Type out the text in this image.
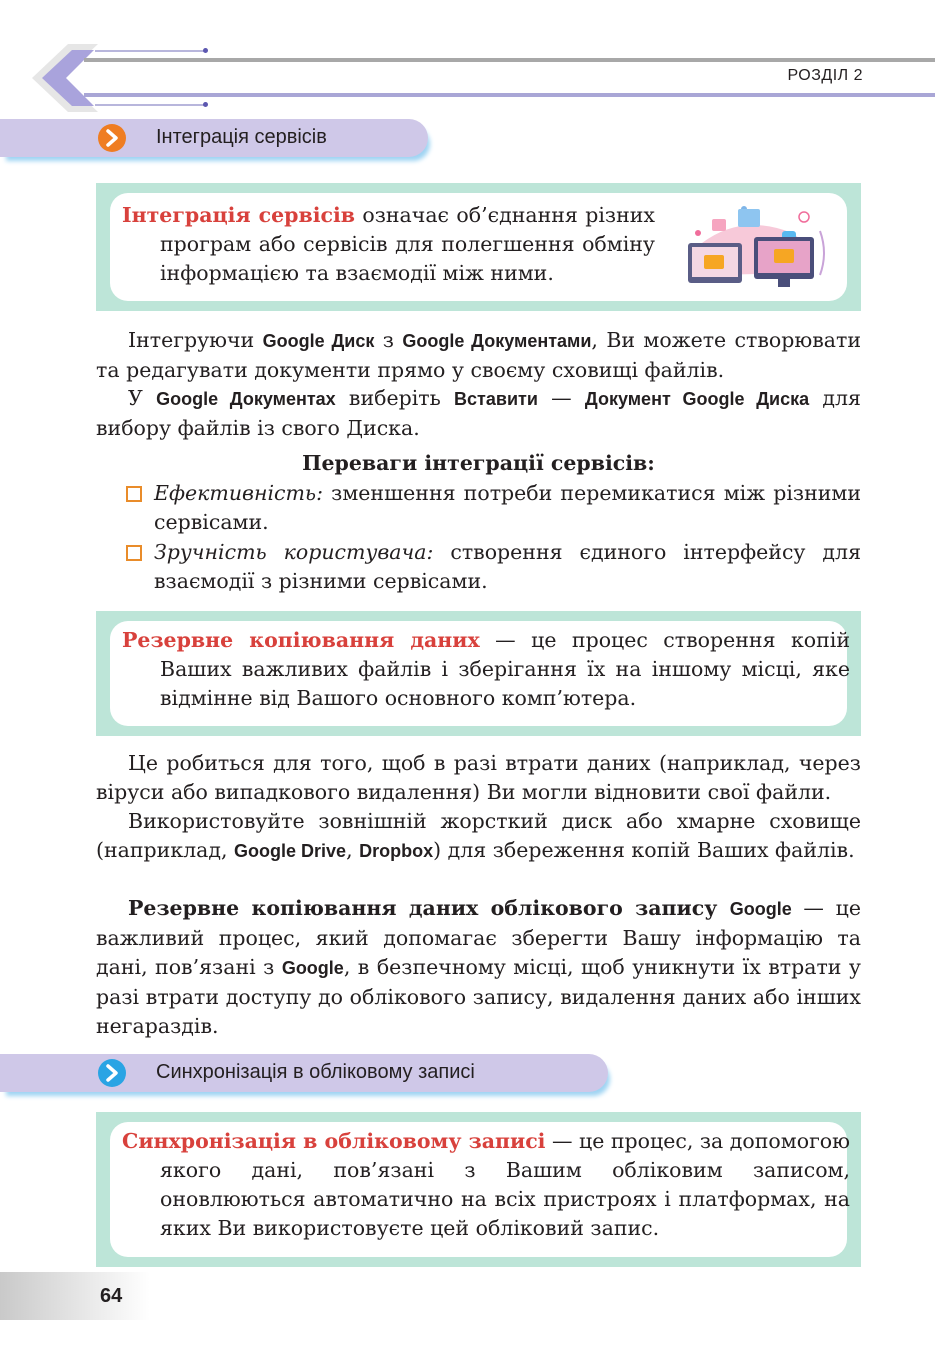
РОЗДІЛ 2
Інтеграція сервісів
Інтеграція сервісів означає об’єднання різних програм або сервісів для полегшення обміну інформацією та взаємодії між ними.

Інтегруючи Google Диск з Google Документами, Ви можете створювати та редагувати документи прямо у своєму сховищі файлів.

У Google Документах виберіть Вставити — Документ Google Диска для вибору файлів із свого Диска.

Переваги інтеграції сервісів:
Ефективність: зменшення потреби перемикатися між різними сервісами.
Зручність користувача: створення єдиного інтерфейсу для взаємодії з різними сервісами.
Резервне копіювання даних — це процес створення копій Ваших важливих файлів і зберігання їх на іншому місці, яке відмінне від Вашого основного комп’ютера.

Це робиться для того, щоб в разі втрати даних (наприклад, через віруси або випадкового видалення) Ви могли відновити свої файли.

Використовуйте зовнішній жорсткий диск або хмарне сховище (наприклад, Google Drive, Dropbox) для збереження копій Ваших файлів.

Резервне копіювання даних облікового запису Google — це важливий процес, який допомагає зберегти Вашу інформацію та дані, пов’язані з Google, в безпечному місці, щоб уникнути їх втрати у разі втрати доступу до облікового запису, видалення даних або інших негараздів.

Синхронізація в обліковому записі
Синхронізація в обліковому записі — це процес, за допомогою якого дані, пов’язані з Вашим обліковим записом, оновлюються автоматично на всіх пристроях і платформах, на яких Ви використовуєте цей обліковий запис.
64
